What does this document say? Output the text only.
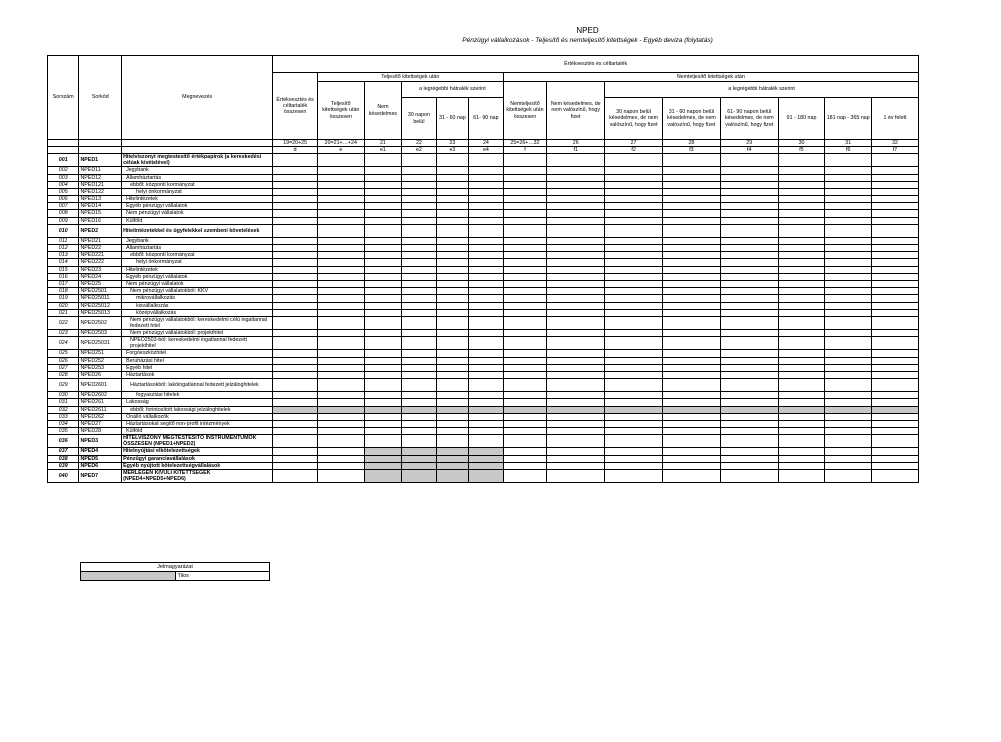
NPED
Pénzügyi vállalkozások - Teljesítő és nemteljesítő kitettségek - Egyéb deviza (folytatás)
Sorszám	Sorkód	Megnevezés	Értékvesztés és céltartalék													
			Értékvesztés és céltartalék összesen	Teljesítő kitettségek után					Nemteljesítő kitettségek után							
				Teljesítő kitettségek után összesen	Nem késedelmes	a legrégebbi hátralék szerint			Nemteljesítő kitettségek után összesen	Nem késedelmes, de nem valószínű, hogy fizet	a legrégebbi hátralék szerint					
						30 napon belül	31 - 60 nap	61- 90 nap			30 napon belül késedelmes, de nem valószínű, hogy fizet	31 - 60 napon belül késedelmes, de nem valószínű, hogy fizet	61- 90 napon belül késedelmes, de nem valószínű, hogy fizet	91 - 180 nap	181 nap - 365 nap	1 év felett
			19=20+25	20=21+…+24	21	22	23	24	25=26+…32	26	27	28	29	30	31	32
			d	e	e1	e2	e3	e4	f	f1	f2	f3	f4	f5	f6	f7
001	NPED1	Hitelviszonyt megtestesítő értékpapírok (a kereskedési célúak kivételével)														
002	NPED11	Jegybank														
003	NPED12	Államháztartás														
004	NPED121	ebből: központi kormányzat														
005	NPED122	helyi önkormányzat														
006	NPED13	Hitelintézetek														
007	NPED14	Egyéb pénzügyi vállalatok														
008	NPED15	Nem pénzügyi vállalatok														
009	NPED16	Külföld														
010	NPED2	Hitelintézetekkel és ügyfelekkel szembeni követelések														
011	NPED21	Jegybank														
012	NPED22	Államháztartás														
013	NPED221	ebből: központi kormányzat														
014	NPED222	helyi önkormányzat														
015	NPED23	Hitelintézetek														
016	NPED24	Egyéb pénzügyi vállalatok														
017	NPED25	Nem pénzügyi vállalatok														
018	NPED2501	Nem pénzügyi vállalatokból: KKV														
019	NPED25011	mikrovállalkozás														
020	NPED25012	kisvállalkozás														
021	NPED25013	középvállalkozás														
022	NPED2502	Nem pénzügyi vállalatokból: kereskedelmi célú ingatlannal fedezett hitel														
023	NPED2503	Nem pénzügyi vállalatokból: projekthitel														
024	NPED25031	NPED2503-ból: kereskedelmi ingatlannal fedezett projekthitel														
025	NPED251	Forgóeszközhitel														
026	NPED252	Beruházási hitel														
027	NPED253	Egyéb hitel														
028	NPED26	Háztartások														
029	NPED2601	Háztartásokból: lakóingatlannal fedezett jelzáloghitelek														
030	NPED2602	fogyasztási hitelek														
031	NPED261	Lakosság														
032	NPED2611	ebből: forintosított lakossági jelzáloghitelek														
033	NPED262	Önálló vállalkozók														
034	NPED27	Háztartásokat segítő non-profit intézmények														
035	NPED28	Külföld														
036	NPED3	HITELVISZONY MEGTESTESÍTŐ INSTRUMENTUMOK ÖSSZESEN (NPED1+NPED2)														
037	NPED4	Hitelnyújtási elkötelezettségek														
038	NPED5	Pénzügyi garanciavállalások														
039	NPED6	Egyéb nyújtott kötelezettségvállalások														
040	NPED7	MÉRLEGEN KÍVÜLI KITETTSÉGEK (NPED4+NPED5+NPED6)														
Jelmagyarázat
	Tilos
